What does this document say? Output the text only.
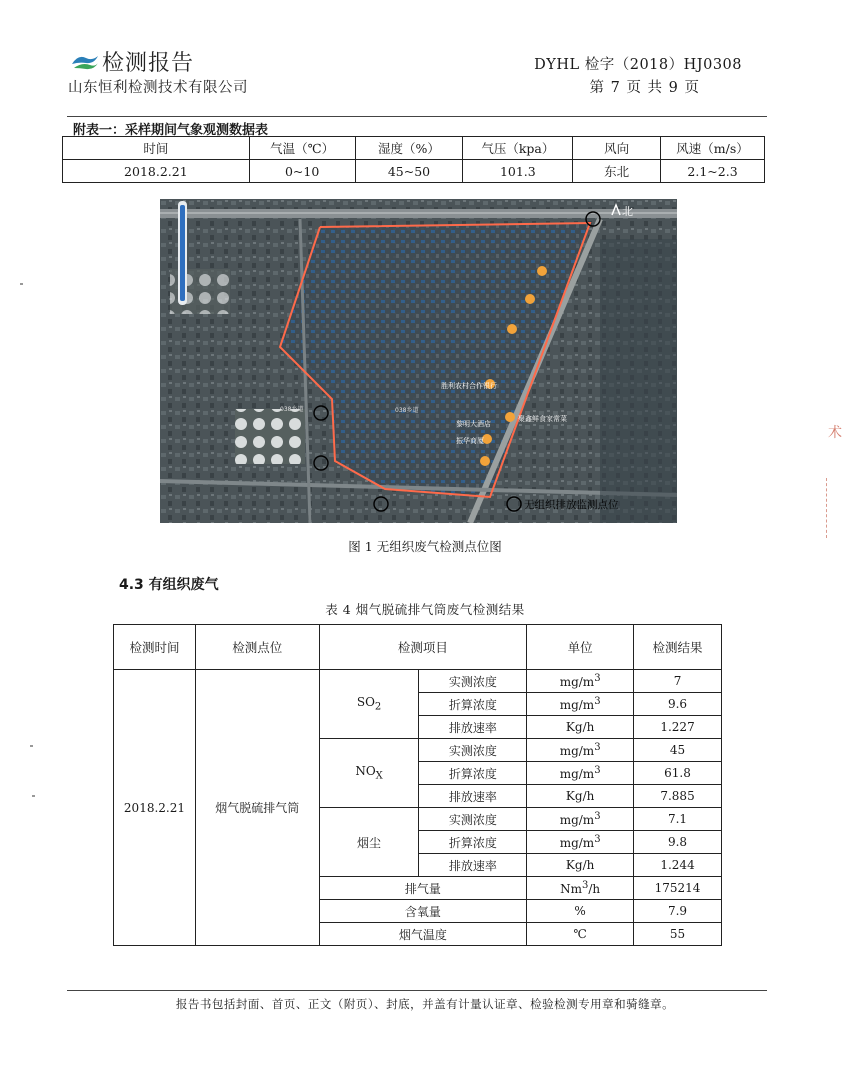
检测报告
山东恒利检测技术有限公司
DYHL 检字（2018）HJ0308
第 7 页 共 9 页
附表一：采样期间气象观测数据表
时间	气温（℃）	湿度（%）	气压（kpa）	风向	风速（m/s）
2018.2.21	0~10	45~50	101.3	东北	2.1~2.3
北
胜利农村合作银行
黎明大酒店
振华商厦
聚鑫鲜食家常菜
038乡道	038乡道
无组织排放监测点位
图 1 无组织废气检测点位图
4.3 有组织废气
表 4 烟气脱硫排气筒废气检测结果
检测时间	检测点位	检测项目		单位	检测结果
2018.2.21	烟气脱硫排气筒	$SO_2$	实测浓度	$mg/m^3$	7
			折算浓度	$mg/m^3$	9.6
			排放速率	Kg/h	1.227
		$NO_X$	实测浓度	$mg/m^3$	45
			折算浓度	$mg/m^3$	61.8
			排放速率	Kg/h	7.885
		烟尘	实测浓度	$mg/m^3$	7.1
			折算浓度	$mg/m^3$	9.8
			排放速率	Kg/h	1.244
		排气量		Nm$^3$/h	175214
		含氧量		%	7.9
		烟气温度		℃	55
报告书包括封面、首页、正文（附页）、封底，并盖有计量认证章、检验检测专用章和骑缝章。
术
